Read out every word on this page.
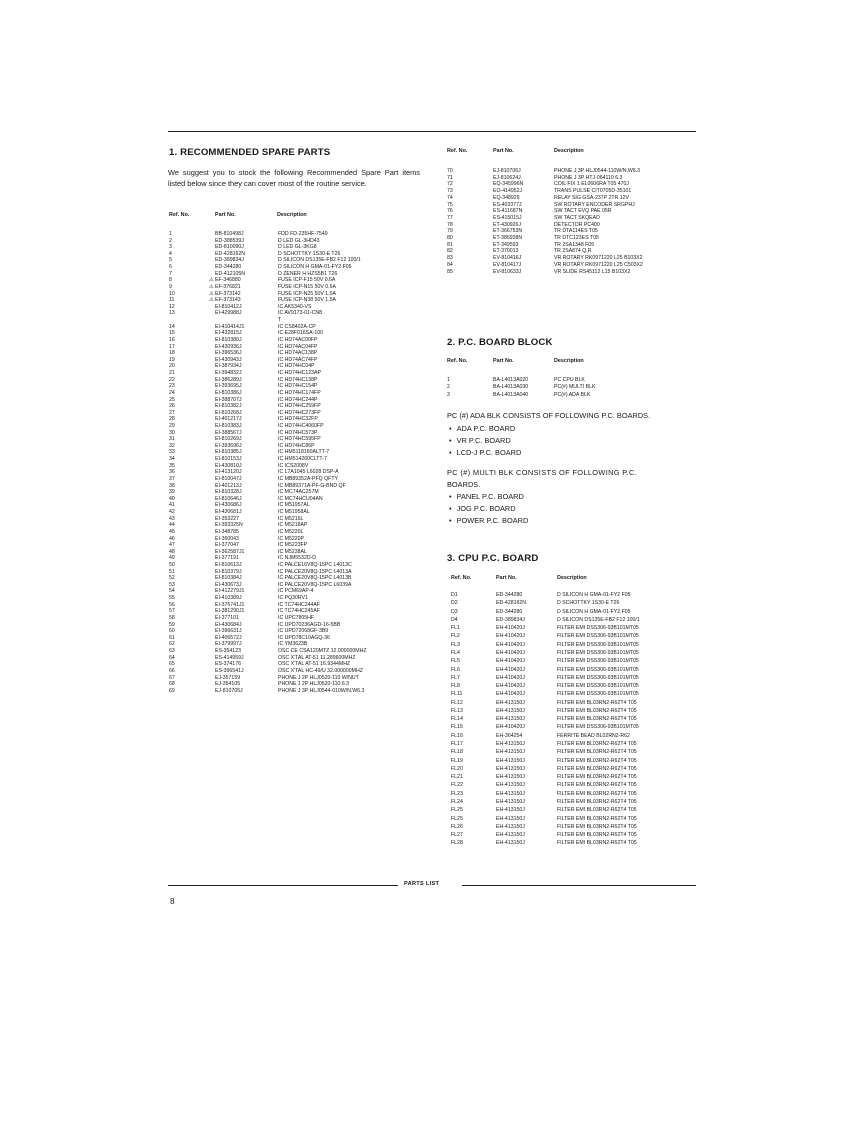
1. RECOMMENDED SPARE PARTS
We suggest you to stock the following Recommended Spare Part items listed below since they can cover most of the routine service.
Ref. No.	Part No.	Description
1	BB-810498J	FDD FD-235HF-7549
2	ED-388539J	D LED GL-3HD43
3	ED-810090J	D LED GL-3KG8
4	ED-428162N	D SCHOTTKY 1S30-E T26
5	ED-389834J	D SILICON DS135E-FB2 F12 100/1
6	ED-344280	D SILICON H GMA-01-FY2 F05
7	ED-412105N	D ZENER H HZS5B1 T26
8	⚠ EF-346880	FUSE ICP-F15 50V 0.6A
9	⚠ EF-376821	FUSE ICP-N15 50V 0.6A
10	⚠ EF-373142	FUSE ICP-N25 50V 1.0A
11	⚠ EF-373143	FUSE ICP-N38 50V 1.5A
12	EI-810412J	IC AK5340-VS
13	EI-429988J	IC AV9173-01-CN8
T
14	EI-410414J1	IC CS8402A-CP
15	EI-432815J	IC E28F016SA-100
16	EI-810380J	IC HD74AC00FP
17	EI-430936J	IC HD74AC04FP
18	EI-396536J	IC HD74AC138P
19	EI-430943J	IC HD74AC74FP
20	EI-387934J	IC HD74HC04P
21	EI-394832J	IC HD74HC123AP
22	EI-386289J	IC HD74HC138P
23	EI-393695J	IC HD74HC154P
24	EI-810386J	IC HD74HC174FP
25	EI-388707J	IC HD74HC244P
26	EI-810382J	IC HD74HC259FP
27	EI-810268J	IC HD74HC273FP
28	EI-401217J	IC HD74HC32FP
29	EI-810383J	IC HD74HC4060FP
30	EI-388567J	IC HD74HC573P
31	EI-810269J	IC HD74HC595FP
32	EI-393696J	IC HD74HC86P
33	EI-810385J	IC HM5118160ALTT-7
34	EI-810153J	IC HM514260CLTT-7
35	EI-430810J	IC ICS2008V
36	EI-413120J	IC L7A1045 L6028 DSP-A
37	EI-810047J	IC MB89352A-PFQ QFTY
38	EI-401213J	IC MB89371A-PF-G-BND QF
39	EI-810328J	IC MC74AC257M
40	EI-810646J	IC MC74HCU04AN
41	EI-430686J	IC M51957AL
42	EI-430681J	IC M51958AL
43	EI-353227	IC M5216L
44	EI-393325N	IC M5218AP
45	EI-348785	IC M5220L
46	EI-360043	IC M5220P
47	EI-377047	IC M5223FP
48	EI-362587J1	IC M5238AL
49	EI-377191	IC NJM5532D-D
50	EI-810613J	IC PALCE16V8Q-15PC L4013C
51	EI-810379J	IC PALCE20V8Q-15PC L4013A
52	EI-810384J	IC PALCE20V8Q-15PC L4013B
53	EI-430673J	IC PALCE20V8Q-15PC L6039A
54	EI-412279J1	IC PCM69AP-4
55	EI-410389J	IC PQ30RV1
56	EI-376741J1	IC TC74HC244AF
57	EI-381290J1	IC TC74HC245AF
58	EI-377101	IC UPC7805HF
59	EI-430684J	IC UPD70236AGD-16-5BB
60	EI-396631J	IC UPD72068GF-3B9
61	EI-406572J	IC UPD78C10AGQ-36
62	EI-379997J	IC YM3623B
63	ES-354123	OSC CE CSA120MTZ 12.000000MHZ
64	ES-414959J	OSC X'TAL AT-51 11.289600MHZ
65	ES-374176	OSC X'TAL AT-51 16.9344MHZ
66	ES-396541J	OSC X'TAL HC-49/U 32.000000MHZ
67	EJ-357159	PHONE J 2P HLJ0520-110 W/NUT
68	EJ-354105	PHONE J 2P HLJ0520-110 6.3
69	EJ-810705J	PHONE J 3P HLJ0544-010W/N,W6.3
Ref. No.	Part No.	Description
70	EJ-810706J	PHONE J 3P HLJ0544-110W/N,W6.3
71	EJ-810624J	PHONE J 3P HTJ-064110 6.3
72	EQ-345996N	COIL FIX 1 EL0606RA T05 470J
73	EO-414952J	TRANS PULSE CIT0705D-35101
74	EQ-348929	RELAY SIG GSA-237P 2TR 12V
75	ES-403377J	SW ROTARY ENCODER SRGPHJ
76	ES-411687N	SW TACT EVQ PAE 05R
77	ES-415015J	SW TACT SKQEAD
78	ET-430926J	DETECTOR PC400
79	ET-366753N	TR DTA114ES T05
80	ET-386938N	TR DTC123ES T05
81	ET-349593	TR 2SA1348 F05
82	ET-370013	TR 2SA874 Q,R
83	EV-810416J	VR ROTARY RK0971220 L25 B103X2
84	EV-810417J	VR ROTARY RK0971220 L25 C503X2
85	EV-810633J	VR SLIDE RS45112 L15 B103X2
2. P.C. BOARD BLOCK
Ref. No.	Part No.	Description
1	BA-L4013A020	PC CPU BLK
2	BA-L4013A030	PC(#) MULTI BLK
3	BA-L4013A040	PC(#) ADA BLK
PC (#) ADA BLK CONSISTS OF FOLLOWING P.C. BOARDS.
• ADA P.C. BOARD
• VR P.C. BOARD
• LCD-J P.C. BOARD
PC (#) MULTI BLK CONSISTS OF FOLLOWING P.C.
BOARDS.
• PANEL P.C. BOARD
• JOG P.C. BOARD
• POWER P.C. BOARD
3. CPU P.C. BOARD
Ref. No.	Part No.	Description
D1	ED-344280	D SILICON H GMA-01-FY2 F05
D2	ED-428162N	D SCHOTTKY 1S30-E T26
D3	ED-344280	D SILICON H GMA-01-FY2 F05
D4	ED-389834J	D SILICON DS135E-FB2 F12 100/1
FL1	EH-410420J	FILTER EMI DSS306-93B101MT05
FL2	EH-410420J	FILTER EMI DSS306-93B101MT05
FL3	EH-410420J	FILTER EMI DSS306-93B101MT05
FL4	EH-410420J	FILTER EMI DSS306-93B101MT05
FL5	EH-410420J	FILTER EMI DSS306-93B101MT05
FL6	EH-410420J	FILTER EMI DSS306-93B101MT05
FL7	EH-410420J	FILTER EMI DSS306-93B101MT05
FL8	EH-410420J	FILTER EMI DSS306-93B101MT05
FL11	EH-410420J	FILTER EMI DSS306-93B101MT05
FL12	EH-413150J	FILTER EMI BL03RN2-R62T4 T05
FL13	EH-413150J	FILTER EMI BL03RN2-R62T4 T05
FL14	EH-413150J	FILTER EMI BL03RN2-R62T4 T05
FL15	EH-410420J	FILTER EMI DSS306-93B101MT05
FL16	EH-364254	FERRITE BEAD BL02RN2-R62
FL17	EH-413150J	FILTER EMI BL03RN2-R62T4 T05
FL18	EH-413150J	FILTER EMI BL03RN2-R62T4 T05
FL19	EH-413150J	FILTER EMI BL03RN2-R62T4 T05
FL20	EH-413150J	FILTER EMI BL03RN2-R62T4 T05
FL21	EH-413150J	FILTER EMI BL03RN2-R62T4 T05
FL22	EH-413150J	FILTER EMI BL03RN2-R62T4 T05
FL23	EH-413150J	FILTER EMI BL03RN2-R62T4 T05
FL24	EH-413150J	FILTER EMI BL03RN2-R62T4 T05
FL25	EH-413150J	FILTER EMI BL03RN2-R62T4 T05
FL25	EH-413150J	FILTER EMI BL03RN2-R62T4 T05
FL26	EH-413150J	FILTER EMI BL03RN2-R62T4 T05
FL27	EH-413150J	FILTER EMI BL03RN2-R62T4 T05
FL28	EH-413150J	FILTER EMI BL03RN2-R62T4 T05
PARTS LIST
8
